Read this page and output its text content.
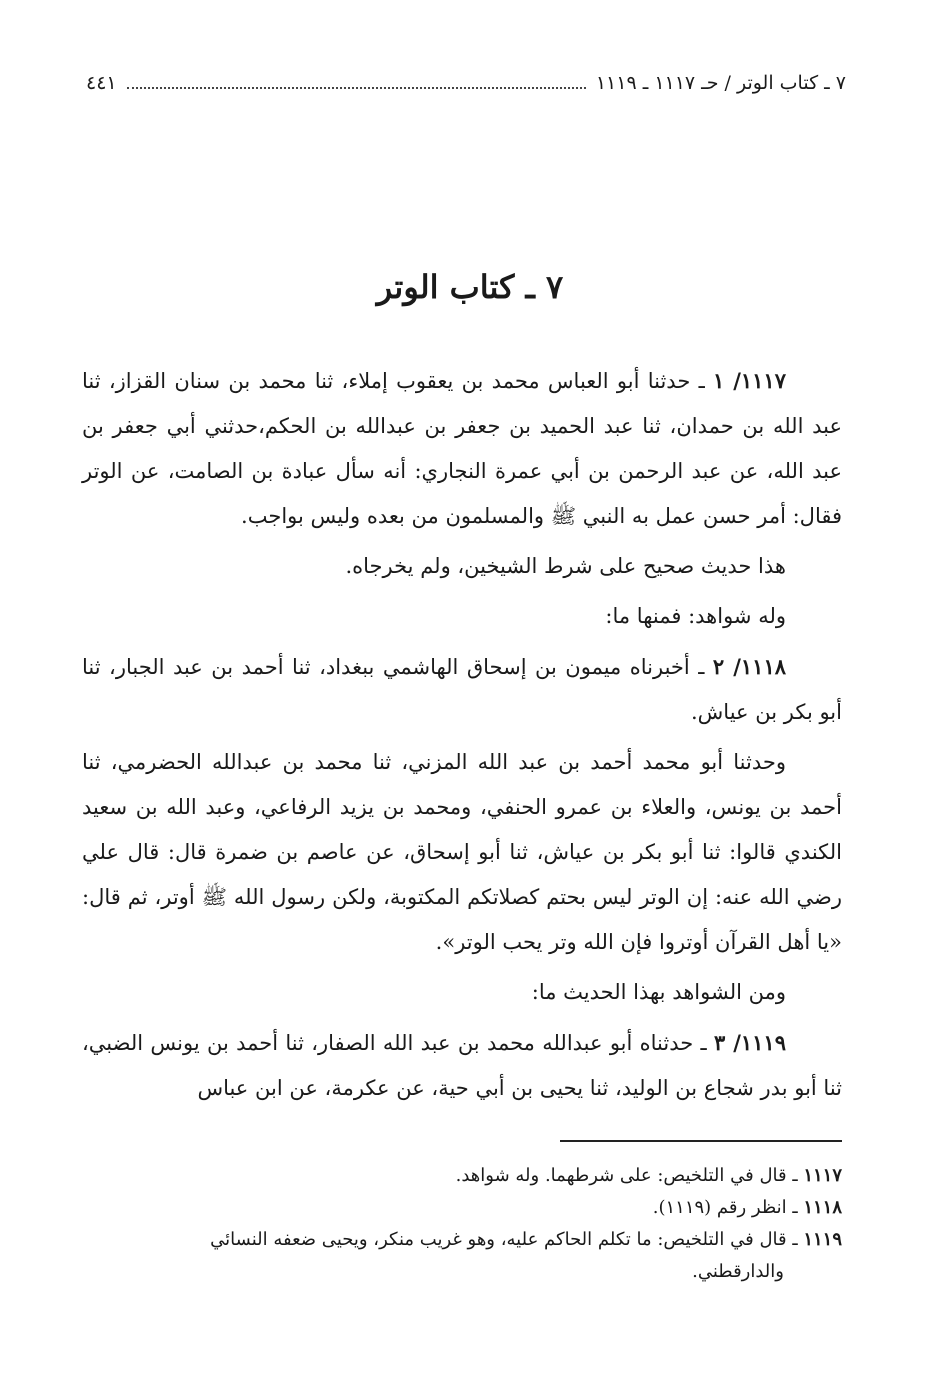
٧ ـ كتاب الوتر / حـ ١١١٧ ـ ١١١٩
٤٤١
٧ ـ كتاب الوتر

١١١٧/ ١ ـ حدثنا أبو العباس محمد بن يعقوب إملاء، ثنا محمد بن سنان القزاز، ثنا عبد الله بن حمدان، ثنا عبد الحميد بن جعفر بن عبدالله بن الحكم،حدثني أبي جعفر بن عبد الله، عن عبد الرحمن بن أبي عمرة النجاري: أنه سأل عبادة بن الصامت، عن الوتر فقال: أمر حسن عمل به النبي ﷺ والمسلمون من بعده وليس بواجب.

هذا حديث صحيح على شرط الشيخين، ولم يخرجاه.

وله شواهد: فمنها ما:

١١١٨/ ٢ ـ أخبرناه ميمون بن إسحاق الهاشمي ببغداد، ثنا أحمد بن عبد الجبار، ثنا أبو بكر بن عياش.

وحدثنا أبو محمد أحمد بن عبد الله المزني، ثنا محمد بن عبدالله الحضرمي، ثنا أحمد بن يونس، والعلاء بن عمرو الحنفي، ومحمد بن يزيد الرفاعي، وعبد الله بن سعيد الكندي قالوا: ثنا أبو بكر بن عياش، ثنا أبو إسحاق، عن عاصم بن ضمرة قال: قال علي رضي الله عنه: إن الوتر ليس بحتم كصلاتكم المكتوبة، ولكن رسول الله ﷺ أوتر، ثم قال: «يا أهل القرآن أوتروا فإن الله وتر يحب الوتر».

ومن الشواهد بهذا الحديث ما:

١١١٩/ ٣ ـ حدثناه أبو عبدالله محمد بن عبد الله الصفار، ثنا أحمد بن يونس الضبي، ثنا أبو بدر شجاع بن الوليد، ثنا يحيى بن أبي حية، عن عكرمة، عن ابن عباس

١١١٧ ـ قال في التلخيص: على شرطهما. وله شواهد.

١١١٨ ـ انظر رقم (١١١٩).

١١١٩ ـ قال في التلخيص: ما تكلم الحاكم عليه، وهو غريب منكر، ويحيى ضعفه النسائي

والدارقطني.
